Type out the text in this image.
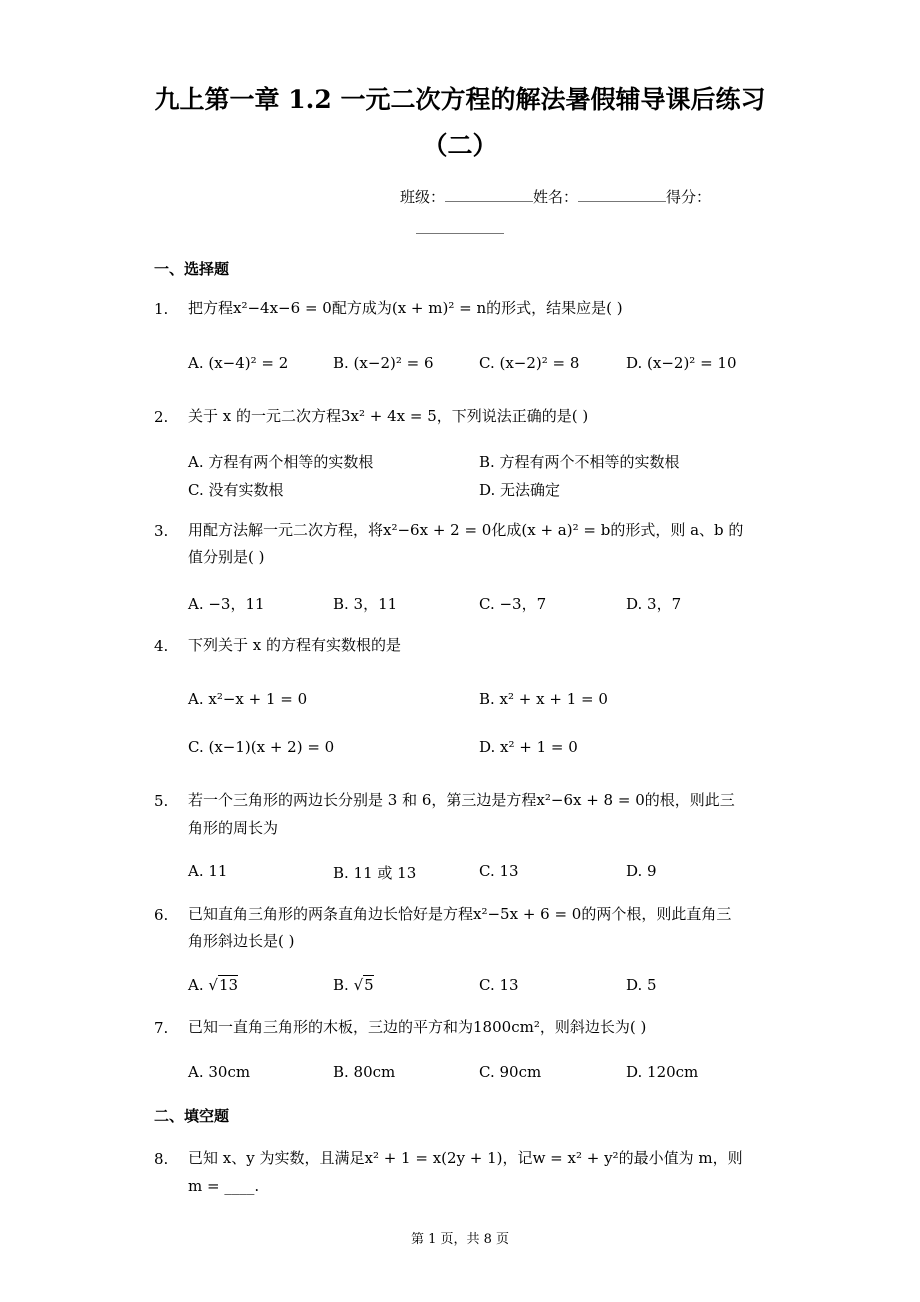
九上第一章 1.2 一元二次方程的解法暑假辅导课后练习
（二）
班级：	姓名：	得分：
一、选择题
1. 把方程x²−4x−6 = 0配方成为(x + m)² = n的形式，结果应是( )
A. (x−4)² = 2	B. (x−2)² = 6	C. (x−2)² = 8	D. (x−2)² = 10
2. 关于 x 的一元二次方程3x² + 4x = 5，下列说法正确的是( )
A. 方程有两个相等的实数根	B. 方程有两个不相等的实数根
C. 没有实数根	D. 无法确定
3. 用配方法解一元二次方程，将x²−6x + 2 = 0化成(x + a)² = b的形式，则 a、b 的
值分别是( )
A. −3，11	B. 3，11	C. −3，7	D. 3，7
4. 下列关于 x 的方程有实数根的是
A. x²−x + 1 = 0	B. x² + x + 1 = 0
C. (x−1)(x + 2) = 0	D. x² + 1 = 0
5. 若一个三角形的两边长分别是 3 和 6，第三边是方程x²−6x + 8 = 0的根，则此三
角形的周长为
A. 11	B. 11 或 13	C. 13	D. 9
6. 已知直角三角形的两条直角边长恰好是方程x²−5x + 6 = 0的两个根，则此直角三
角形斜边长是( )
A. √13	B. √5	C. 13	D. 5
7. 已知一直角三角形的木板，三边的平方和为1800cm²，则斜边长为( )
A. 30cm	B. 80cm	C. 90cm	D. 120cm
二、填空题
8. 已知 x、y 为实数，且满足x² + 1 = x(2y + 1)，记w = x² + y²的最小值为 m，则
m = ____.
第 1 页，共 8 页
